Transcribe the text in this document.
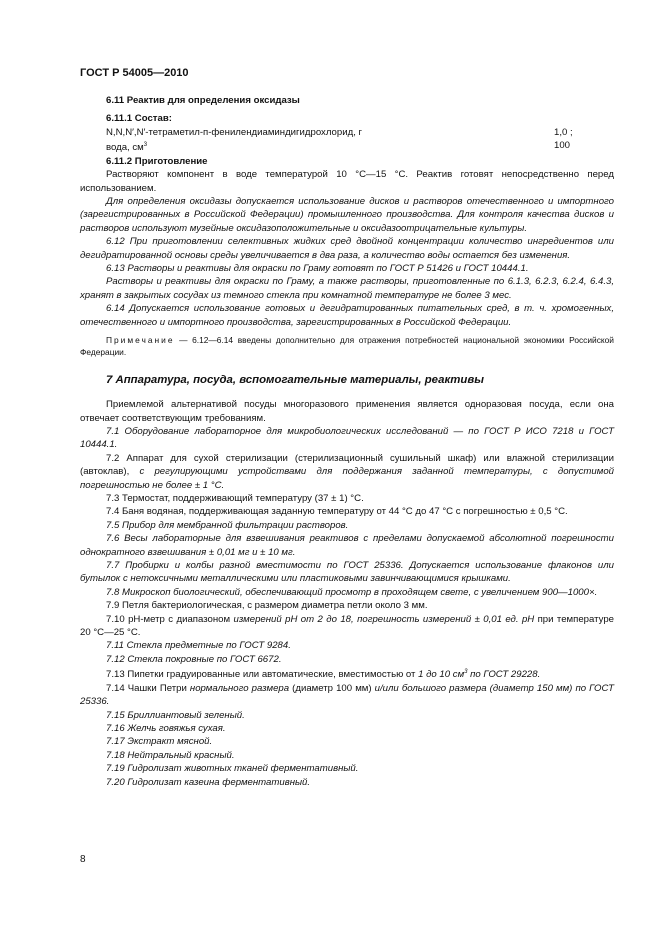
ГОСТ Р 54005—2010

6.11 Реактив для определения оксидазы

6.11.1 Состав:

N,N,N′,N′-тетраметил-п-фенилендиаминдигидрохлорид, г	1,0 ;
вода, $см^3$	100

6.11.2 Приготовление

Растворяют компонент в воде температурой 10 °С—15 °С. Реактив готовят непосредственно перед использованием.

Для определения оксидазы допускается использование дисков и растворов отечественного и импортного (зарегистрированных в Российской Федерации) промышленного производства. Для контроля качества дисков и растворов используют музейные оксидазоположительные и оксидазоотрицательные культуры.

6.12 При приготовлении селективных жидких сред двойной концентрации количество ингредиентов или дегидратированной основы среды увеличивается в два раза, а количество воды остается без изменения.

6.13 Растворы и реактивы для окраски по Граму готовят по ГОСТ Р 51426 и ГОСТ 10444.1.

Растворы и реактивы для окраски по Граму, а также растворы, приготовленные по 6.1.3, 6.2.3, 6.2.4, 6.4.3, хранят в закрытых сосудах из темного стекла при комнатной температуре не более 3 мес.

6.14 Допускается использование готовых и дегидратированных питательных сред, в т. ч. хромогенных, отечественного и импортного производства, зарегистрированных в Российской Федерации.

Примечание — 6.12—6.14 введены дополнительно для отражения потребностей национальной экономики Российской Федерации.

7 Аппаратура, посуда, вспомогательные материалы, реактивы

Приемлемой альтернативой посуды многоразового применения является одноразовая посуда, если она отвечает соответствующим требованиям.

7.1 Оборудование лабораторное для микробиологических исследований — по ГОСТ Р ИСО 7218 и ГОСТ 10444.1.

7.2 Аппарат для сухой стерилизации (стерилизационный сушильный шкаф) или влажной стерилизации (автоклав), с регулирующими устройствами для поддержания заданной температуры, с допустимой погрешностью не более ± 1 °С.

7.3 Термостат, поддерживающий температуру (37 ± 1) °С.

7.4 Баня водяная, поддерживающая заданную температуру от 44 °С до 47 °С с погрешностью ± 0,5 °С.

7.5 Прибор для мембранной фильтрации растворов.

7.6 Весы лабораторные для взвешивания реактивов с пределами допускаемой абсолютной погрешности однократного взвешивания ± 0,01 мг и ± 10 мг.

7.7 Пробирки и колбы разной вместимости по ГОСТ 25336. Допускается использование флаконов или бутылок с нетоксичными металлическими или пластиковыми завинчивающимися крышками.

7.8 Микроскоп биологический, обеспечивающий просмотр в проходящем свете, с увеличением 900—1000×.

7.9 Петля бактериологическая, с размером диаметра петли около 3 мм.

7.10 рН-метр с диапазоном измерений рН от 2 до 18, погрешность измерений ± 0,01 ед. рН при температуре 20 °С—25 °С.

7.11 Стекла предметные по ГОСТ 9284.

7.12 Стекла покровные по ГОСТ 6672.

7.13 Пипетки градуированные или автоматические, вместимостью от 1 до 10 $см^3$ по ГОСТ 29228.

7.14 Чашки Петри нормального размера (диаметр 100 мм) и/или большого размера (диаметр 150 мм) по ГОСТ 25336.

7.15 Бриллиантовый зеленый.

7.16 Желчь говяжья сухая.

7.17 Экстракт мясной.

7.18 Нейтральный красный.

7.19 Гидролизат животных тканей ферментативный.

7.20 Гидролизат казеина ферментативный.

8
